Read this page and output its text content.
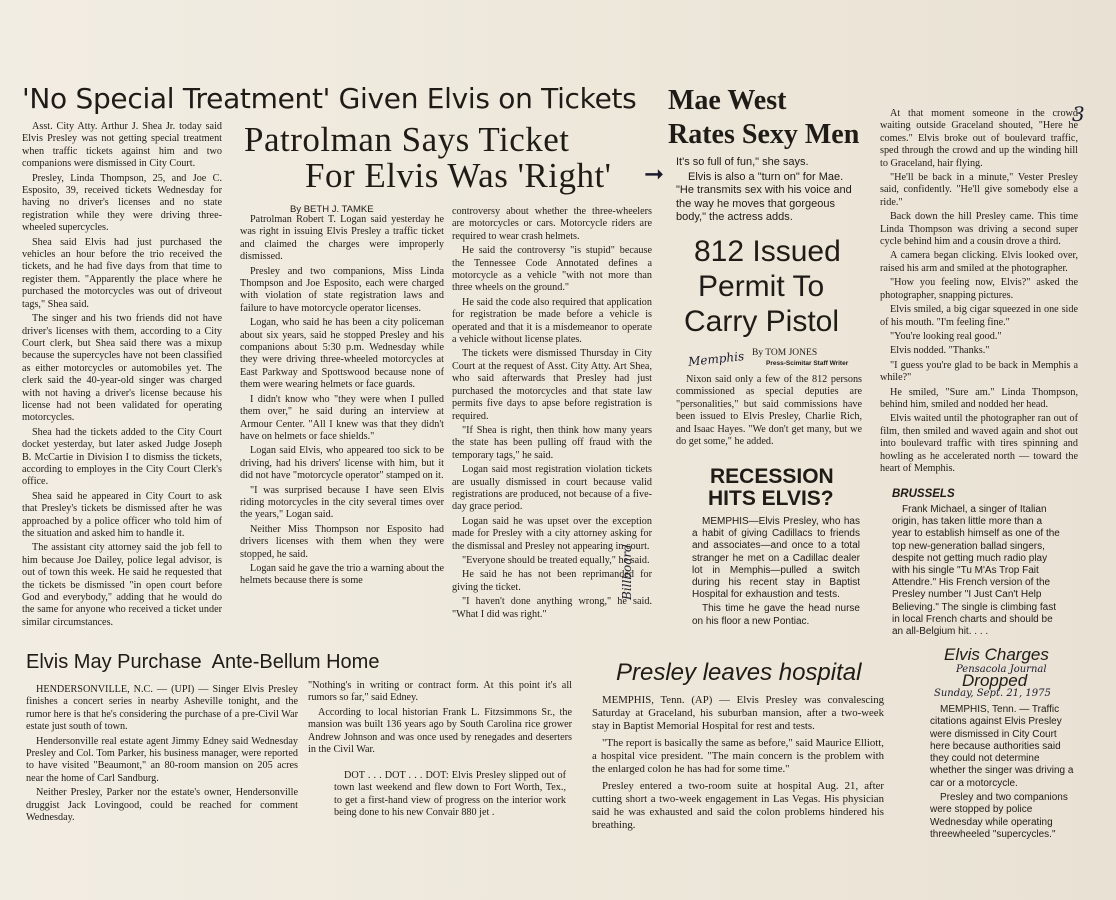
3
'No Special Treatment' Given Elvis on Tickets

Asst. City Atty. Arthur J. Shea Jr. today said Elvis Presley was not getting special treatment when traffic tickets against him and two companions were dismissed in City Court.

Presley, Linda Thompson, 25, and Joe C. Esposito, 39, received tickets Wednesday for having no driver's licenses and no state registration while they were driving three-wheeled supercycles.

Shea said Elvis had just purchased the vehicles an hour before the trio received the tickets, and he had five days from that time to register them. "Apparently the place where he purchased the motorcycles was out of driveout tags," Shea said.

The singer and his two friends did not have driver's licenses with them, according to a City Court clerk, but Shea said there was a mixup because the supercycles have not been classified as either motorcycles or automobiles yet. The clerk said the 40-year-old singer was charged with not having a driver's license because his license had not been validated for operating motorcycles.

Shea had the tickets added to the City Court docket yesterday, but later asked Judge Joseph B. McCartie in Division I to dismiss the tickets, according to employes in the City Court Clerk's office.

Shea said he appeared in City Court to ask that Presley's tickets be dismissed after he was approached by a police officer who told him of the situation and asked him to handle it.

The assistant city attorney said the job fell to him because Joe Dailey, police legal advisor, is out of town this week. He said he requested that the tickets be dismissed "in open court before God and everybody," adding that he would do the same for anyone who received a ticket under similar circumstances.

Patrolman Says Ticket
For Elvis Was 'Right' ➞
By BETH J. TAMKE

Patrolman Robert T. Logan said yesterday he was right in issuing Elvis Presley a traffic ticket and claimed the charges were improperly dismissed.

Presley and two companions, Miss Linda Thompson and Joe Esposito, each were charged with violation of state registration laws and failure to have motorcycle operator licenses.

Logan, who said he has been a city policeman about six years, said he stopped Presley and his companions about 5:30 p.m. Wednesday while they were driving three-wheeled motorcycles at East Parkway and Spottswood because none of them were wearing helmets or face guards.

I didn't know who "they were when I pulled them over," he said during an interview at Armour Center. "All I knew was that they didn't have on helmets or face shields."

Logan said Elvis, who appeared too sick to be driving, had his drivers' license with him, but it did not have "motorcycle operator" stamped on it.

"I was surprised because I have seen Elvis riding motorcycles in the city several times over the years," Logan said.

Neither Miss Thompson nor Esposito had drivers licenses with them when they were stopped, he said.

Logan said he gave the trio a warning about the helmets because there is some

controversy about whether the three-wheelers are motorcycles or cars. Motorcycle riders are required to wear crash helmets.

He said the controversy "is stupid" because the Tennessee Code Annotated defines a motorcycle as a vehicle "with not more than three wheels on the ground."

He said the code also required that application for registration be made before a vehicle is operated and that it is a misdemeanor to operate a vehicle without license plates.

The tickets were dismissed Thursday in City Court at the request of Asst. City Atty. Art Shea, who said afterwards that Presley had just purchased the motorcycles and that state law permits five days to apse before registration is required.

"If Shea is right, then think how many years the state has been pulling off fraud with the temporary tags," he said.

Logan said most registration violation tickets are usually dismissed in court because valid registrations are produced, not because of a five-day grace period.

Logan said he was upset over the exception made for Presley with a city attorney asking for the dismissal and Presley not appearing in court.

"Everyone should be treated equally," he said.

He said he has not been reprimanded for giving the ticket.

"I haven't done anything wrong," he said. "What I did was right."

Mae West
Rates Sexy Men

It's so full of fun," she says.

Elvis is also a "turn on" for Mae. "He transmits sex with his voice and the way he moves that gorgeous body," the actress adds.

812 Issued
Permit To
Carry Pistol
Memphis By TOM JONES
Press-Scimitar Staff Writer

Nixon said only a few of the 812 persons commissioned as special deputies are "personalities," but said commissions have been issued to Elvis Presley, Charlie Rich, and Isaac Hayes. "We don't get many, but we do get some," he added.

RECESSION
HITS ELVIS?
Billboard

MEMPHIS—Elvis Presley, who has a habit of giving Cadillacs to friends and associates—and once to a total stranger he met on a Cadillac dealer lot in Memphis—pulled a switch during his recent stay in Baptist Hospital for exhaustion and tests.

This time he gave the head nurse on his floor a new Pontiac.

At that moment someone in the crowd waiting outside Graceland shouted, "Here he comes." Elvis broke out of boulevard traffic, sped through the crowd and up the winding hill to Graceland, hair flying.

"He'll be back in a minute," Vester Presley said, confidently. "He'll give somebody else a ride."

Back down the hill Presley came. This time Linda Thompson was driving a second super cycle behind him and a cousin drove a third.

A camera began clicking. Elvis looked over, raised his arm and smiled at the photographer.

"How you feeling now, Elvis?" asked the photographer, snapping pictures.

Elvis smiled, a big cigar squeezed in one side of his mouth. "I'm feeling fine."

"You're looking real good."

Elvis nodded. "Thanks."

"I guess you're glad to be back in Memphis a while?"

He smiled, "Sure am." Linda Thompson, behind him, smiled and nodded her head.

Elvis waited until the photographer ran out of film, then smiled and waved again and shot out into boulevard traffic with tires spinning and howling as he accelerated north — toward the heart of Memphis.

BRUSSELS

Frank Michael, a singer of Italian origin, has taken little more than a year to establish himself as one of the top new-generation ballad singers, despite not getting much radio play with his single "Tu M'As Trop Fait Attendre." His French version of the Presley number "I Just Can't Help Believing." The single is climbing fast in local French charts and should be an all-Belgium hit. . . .

Elvis May Purchase  Ante-Bellum Home

HENDERSONVILLE, N.C. — (UPI) — Singer Elvis Presley finishes a concert series in nearby Asheville tonight, and the rumor here is that he's considering the purchase of a pre-Civil War estate just south of town.

Hendersonville real estate agent Jimmy Edney said Wednesday Presley and Col. Tom Parker, his business manager, were reported to have visited "Beaumont," an 80-room mansion on 205 acres near the home of Carl Sandburg.

Neither Presley, Parker nor the estate's owner, Hendersonville druggist Jack Lovingood, could be reached for comment Wednesday.

"Nothing's in writing or contract form. At this point it's all rumors so far," said Edney.

According to local historian Frank L. Fitzsimmons Sr., the mansion was built 136 years ago by South Carolina rice grower Andrew Johnson and was once used by renegades and deserters in the Civil War.

DOT . . . DOT . . . DOT: Elvis Presley slipped out of town last weekend and flew down to Fort Worth, Tex., to get a first-hand view of progress on the interior work being done to his new Convair 880 jet .

Presley leaves hospital

MEMPHIS, Tenn. (AP) — Elvis Presley was convalescing Saturday at Graceland, his suburban mansion, after a two-week stay in Baptist Memorial Hospital for rest and tests.

"The report is basically the same as before," said Maurice Elliott, a hospital vice president. "The main concern is the problem with the enlarged colon he has had for some time."

Presley entered a two-room suite at hospital Aug. 21, after cutting short a two-week engagement in Las Vegas. His physician said he was exhausted and said the colon problems hindered his breathing.

Elvis Charges
Pensacola Journal
Dropped
Sunday, Sept. 21, 1975

MEMPHIS, Tenn. — Traffic citations against Elvis Presley were dismissed in City Court here because authorities said they could not determine whether the singer was driving a car or a motorcycle.

Presley and two companions were stopped by police Wednesday while operating threewheeled "supercycles."
